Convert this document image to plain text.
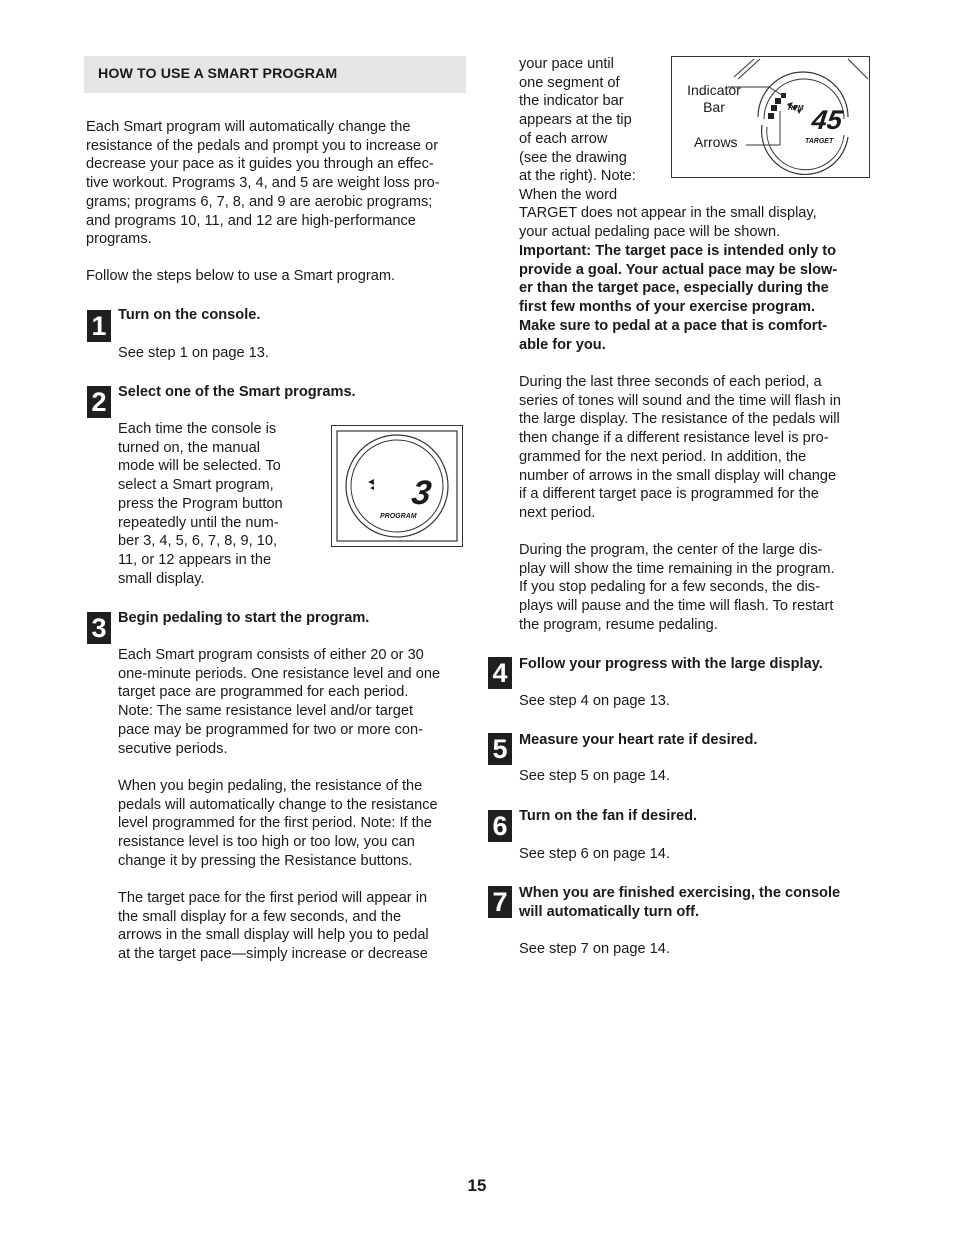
HOW TO USE A SMART PROGRAM
Each Smart program will automatically change the
resistance of the pedals and prompt you to increase or
decrease your pace as it guides you through an effec-
tive workout. Programs 3, 4, and 5 are weight loss pro-
grams; programs 6, 7, 8, and 9 are aerobic programs;
and programs 10, 11, and 12 are high-performance
programs.
Follow the steps below to use a Smart program.
1 Turn on the console.
See step 1 on page 13.
2 Select one of the Smart programs.
Each time the console is
turned on, the manual
mode will be selected. To
select a Smart program,
press the Program button
repeatedly until the num-
ber 3, 4, 5, 6, 7, 8, 9, 10,
11, or 12 appears in the
small display.
3
PROGRAM
3 Begin pedaling to start the program.
Each Smart program consists of either 20 or 30
one-minute periods. One resistance level and one
target pace are programmed for each period.
Note: The same resistance level and/or target
pace may be programmed for two or more con-
secutive periods.
When you begin pedaling, the resistance of the
pedals will automatically change to the resistance
level programmed for the first period. Note: If the
resistance level is too high or too low, you can
change it by pressing the Resistance buttons.
The target pace for the first period will appear in
the small display for a few seconds, and the
arrows in the small display will help you to pedal
at the target pace—simply increase or decrease
your pace until
one segment of
the indicator bar
appears at the tip
of each arrow
(see the drawing
at the right). Note:
When the word
Indicator
Bar
Arrows
45
RPM
TARGET
TARGET does not appear in the small display,
your actual pedaling pace will be shown.
Important: The target pace is intended only to
provide a goal. Your actual pace may be slow-
er than the target pace, especially during the
first few months of your exercise program.
Make sure to pedal at a pace that is comfort-
able for you.
During the last three seconds of each period, a
series of tones will sound and the time will flash in
the large display. The resistance of the pedals will
then change if a different resistance level is pro-
grammed for the next period. In addition, the
number of arrows in the small display will change
if a different target pace is programmed for the
next period.
During the program, the center of the large dis-
play will show the time remaining in the program.
If you stop pedaling for a few seconds, the dis-
plays will pause and the time will flash. To restart
the program, resume pedaling.
4 Follow your progress with the large display.
See step 4 on page 13.
5 Measure your heart rate if desired.
See step 5 on page 14.
6 Turn on the fan if desired.
See step 6 on page 14.
7 When you are finished exercising, the console
will automatically turn off.
See step 7 on page 14.
15
